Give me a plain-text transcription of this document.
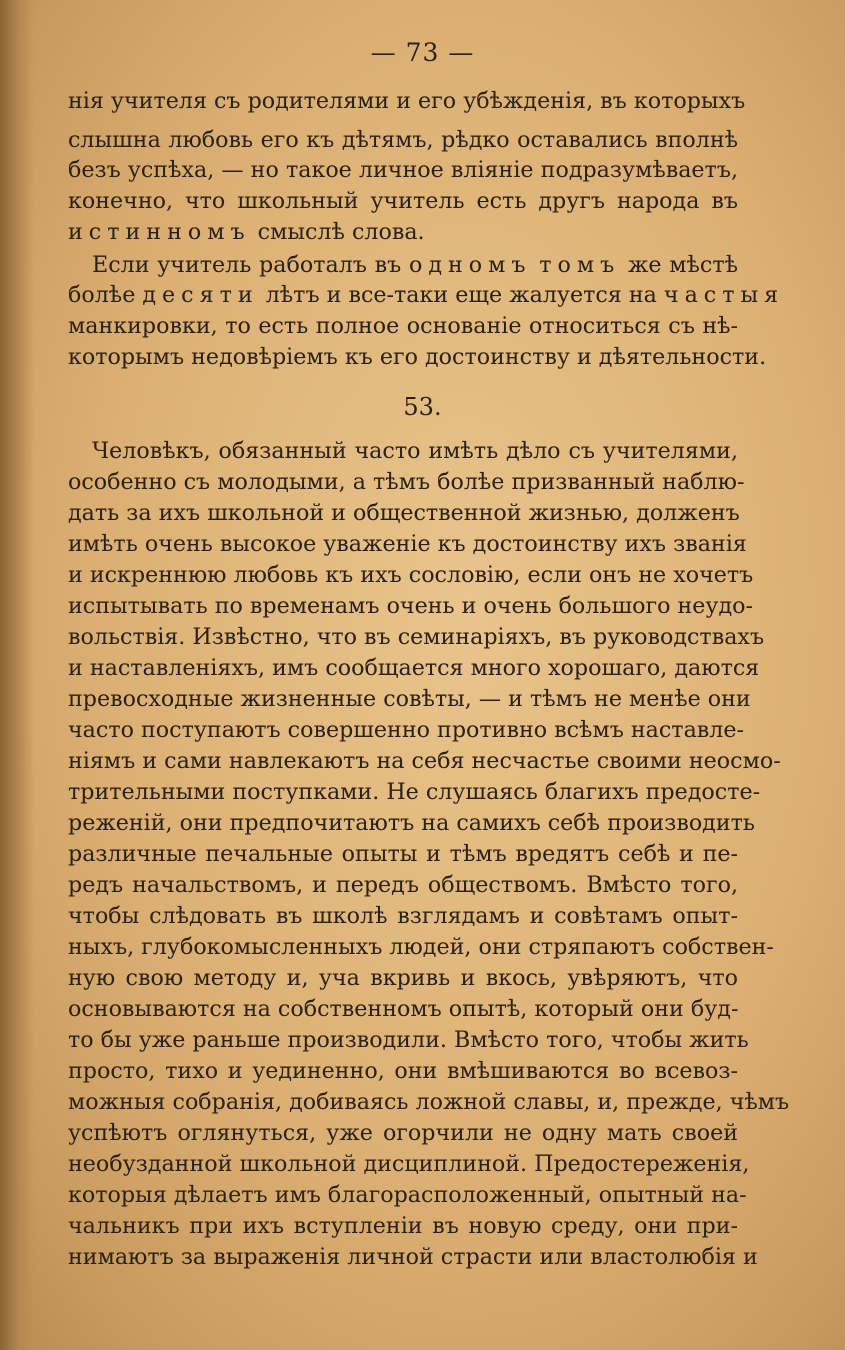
— 73 —
нія учителя съ родителями и его убѣжденія, въ которыхъ
слышна любовь его къ дѣтямъ, рѣдко оставались вполнѣ
безъ успѣха, — но такое личное вліяніе подразумѣваетъ,
конечно, что школьный учитель есть другъ народа въ
истинномъ смыслѣ слова.
Если учитель работалъ въ одномъ томъ же мѣстѣ
болѣе десяти лѣтъ и все-таки еще жалуется на частыя
манкировки, то есть полное основаніе относиться съ нѣ-
которымъ недовѣріемъ къ его достоинству и дѣятельности.
53.
Человѣкъ, обязанный часто имѣть дѣло съ учителями,
особенно съ молодыми, а тѣмъ болѣе призванный наблю-
дать за ихъ школьной и общественной жизнью, долженъ
имѣть очень высокое уваженіе къ достоинству ихъ званія
и искреннюю любовь къ ихъ сословію, если онъ не хочетъ
испытывать по временамъ очень и очень большого неудо-
вольствія. Извѣстно, что въ семинаріяхъ, въ руководствахъ
и наставленіяхъ, имъ сообщается много хорошаго, даются
превосходные жизненные совѣты, — и тѣмъ не менѣе они
часто поступаютъ совершенно противно всѣмъ наставле-
ніямъ и сами навлекаютъ на себя несчастье своими неосмо-
трительными поступками. Не слушаясь благихъ предосте-
реженій, они предпочитаютъ на самихъ себѣ производить
различные печальные опыты и тѣмъ вредятъ себѣ и пе-
редъ начальствомъ, и передъ обществомъ. Вмѣсто того,
чтобы слѣдовать въ школѣ взглядамъ и совѣтамъ опыт-
ныхъ, глубокомысленныхъ людей, они стряпаютъ собствен-
ную свою методу и, уча вкривь и вкось, увѣряютъ, что
основываются на собственномъ опытѣ, который они буд-
то бы уже раньше производили. Вмѣсто того, чтобы жить
просто, тихо и уединенно, они вмѣшиваются во всевоз-
можныя собранія, добиваясь ложной славы, и, прежде, чѣмъ
успѣютъ оглянуться, уже огорчили не одну мать своей
необузданной школьной дисциплиной. Предостереженія,
которыя дѣлаетъ имъ благорасположенный, опытный на-
чальникъ при ихъ вступленіи въ новую среду, они при-
нимаютъ за выраженія личной страсти или властолюбія и
